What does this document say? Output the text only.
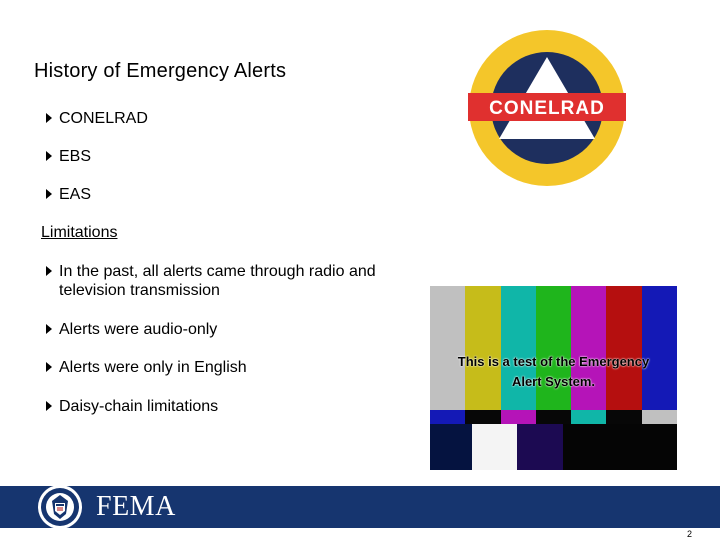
History of Emergency Alerts
CONELRAD
EBS
EAS
Limitations
In the past, all alerts came through radio and television transmission
Alerts were audio-only
Alerts were only in English
Daisy-chain limitations
CONELRAD
This is a test of the Emergency
Alert System.
FEMA
2
